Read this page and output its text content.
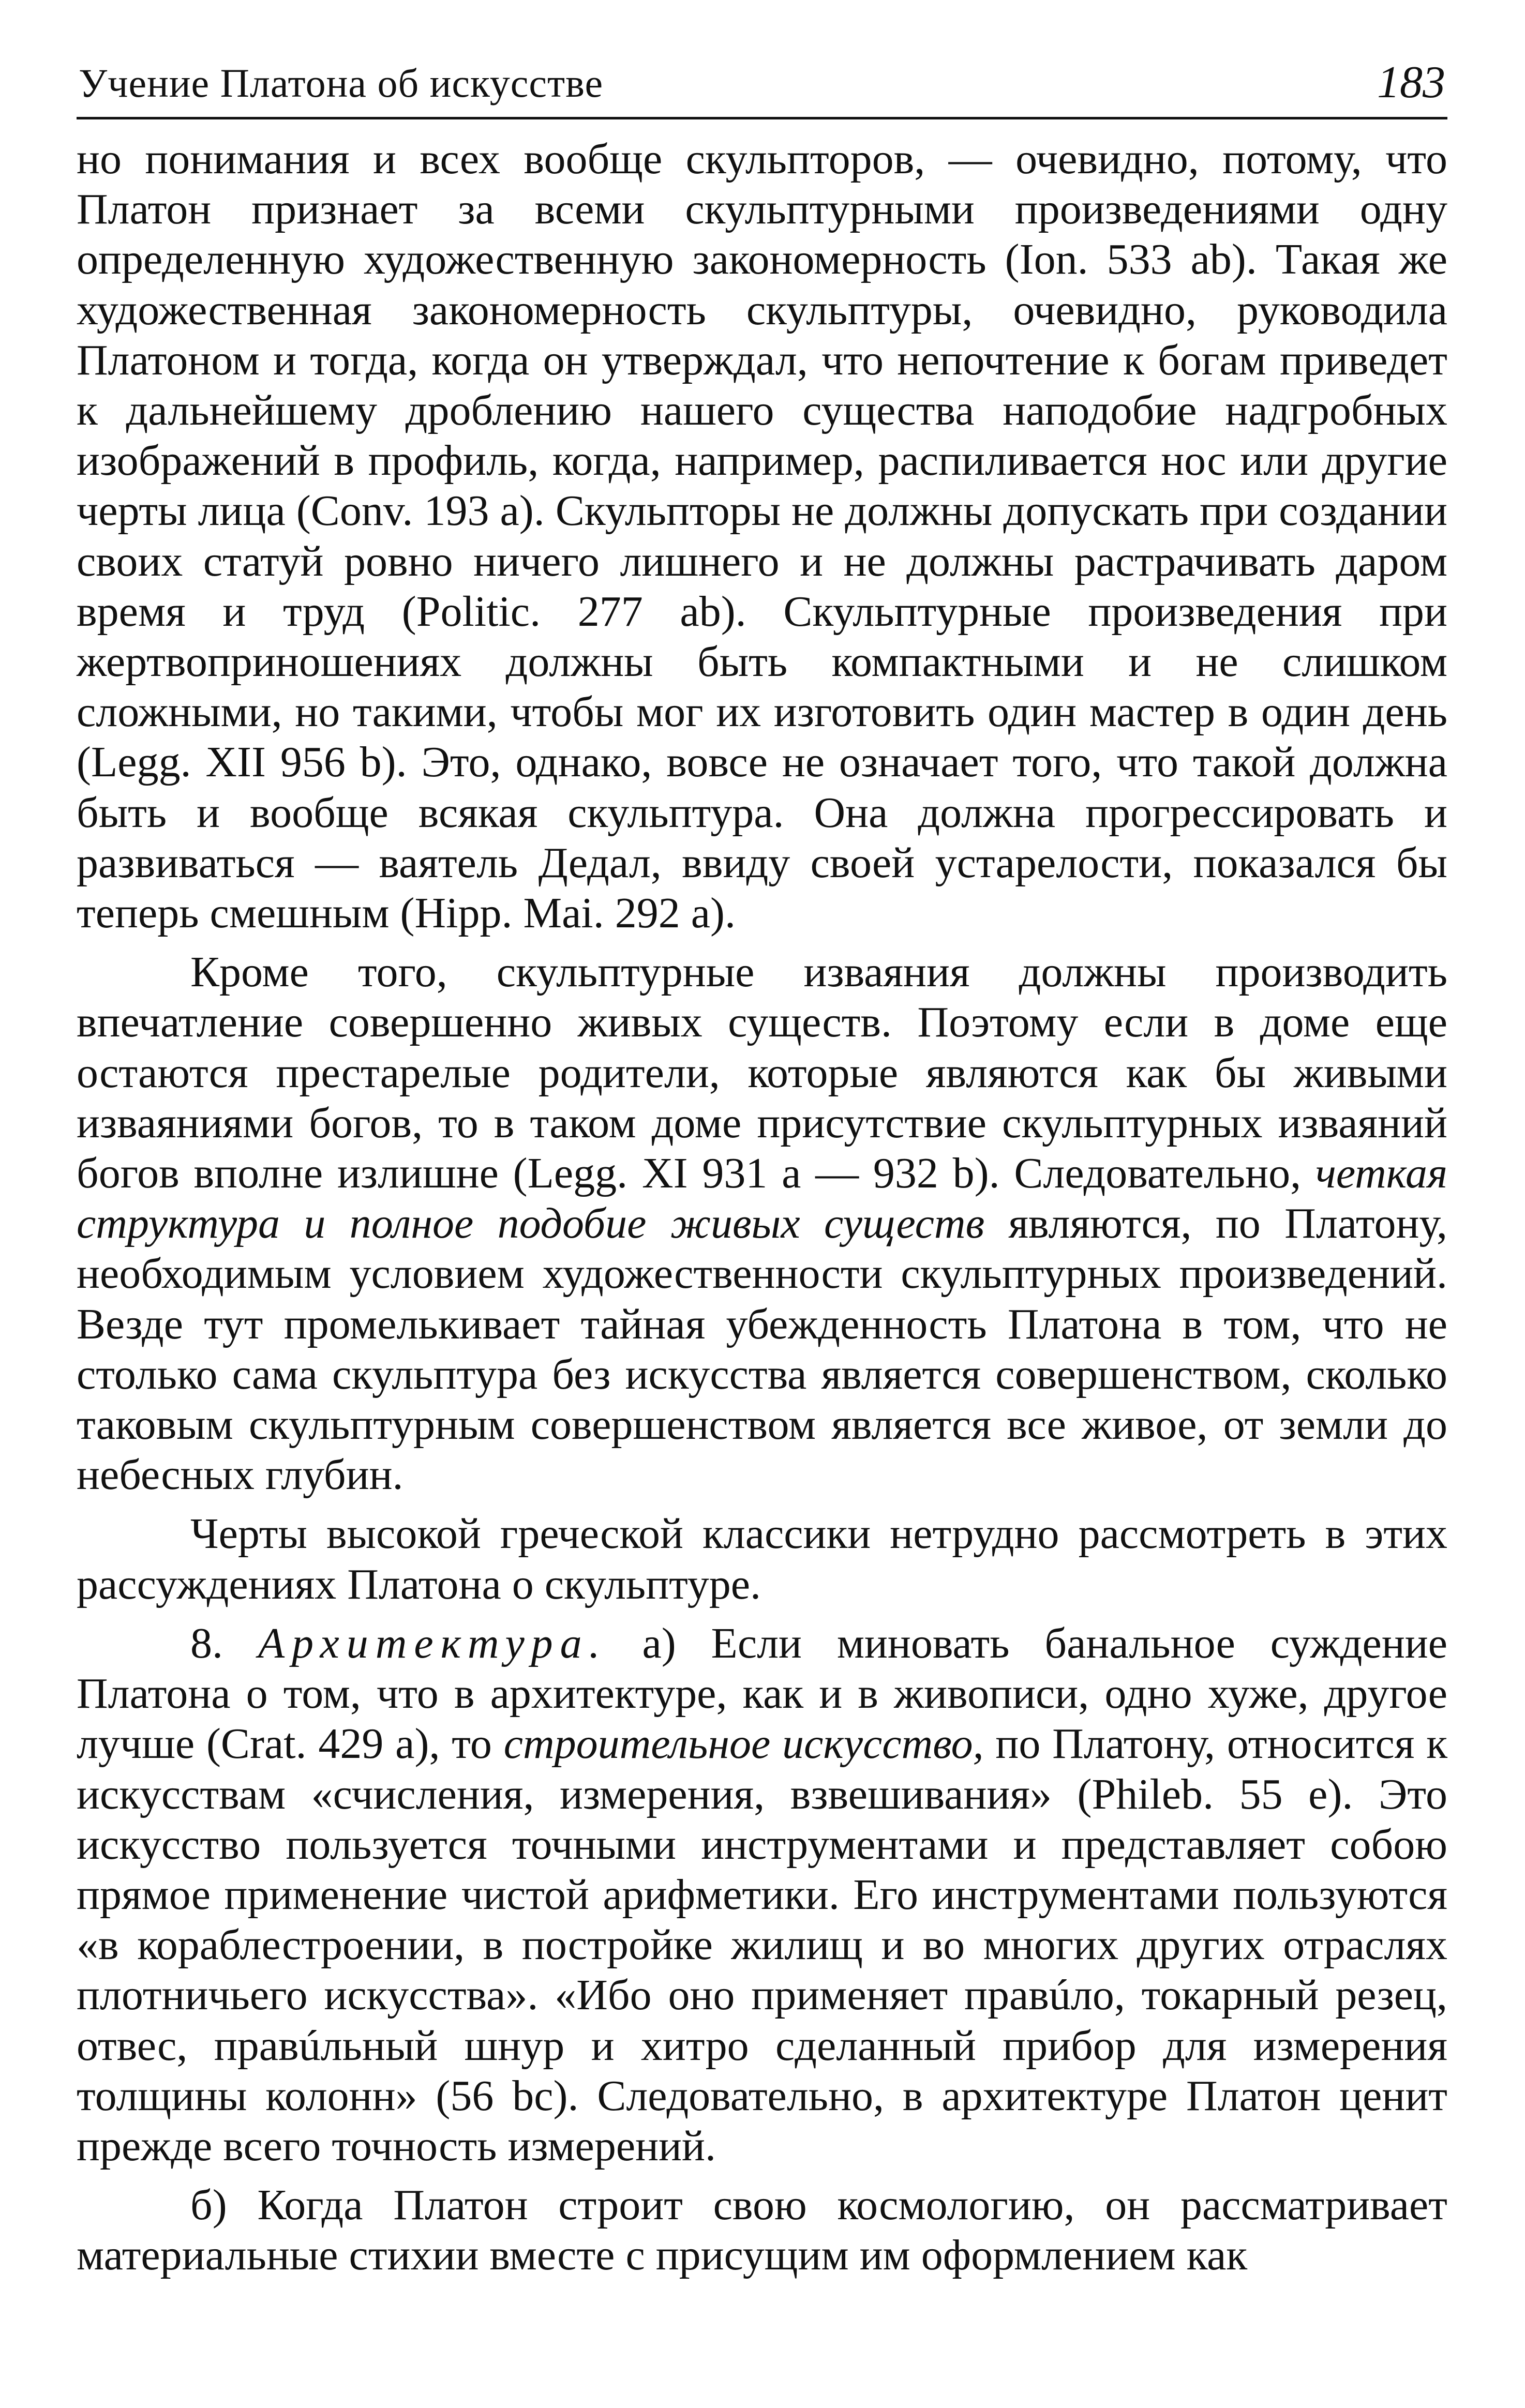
Учение Платона об искусстве	183

но понимания и всех вообще скульпторов, — очевидно, потому, что Платон признает за всеми скульптурными произведениями одну определенную художественную закономерность (Ion. 533 ab). Такая же художественная закономерность скульптуры, очевидно, руководила Платоном и тогда, когда он утверждал, что непочтение к богам приведет к дальнейшему дроблению нашего существа наподобие надгробных изображений в профиль, когда, например, распиливается нос или другие черты лица (Conv. 193 a). Скульпторы не должны допускать при создании своих статуй ровно ничего лишнего и не должны растрачивать даром время и труд (Politic. 277 ab). Скульптурные произведения при жертвоприношениях должны быть компактными и не слишком сложными, но такими, чтобы мог их изготовить один мастер в один день (Legg. XII 956 b). Это, однако, вовсе не означает того, что такой должна быть и вообще всякая скульптура. Она должна прогрессировать и развиваться — ваятель Дедал, ввиду своей устарелости, показался бы теперь смешным (Hipp. Mai. 292 a).

Кроме того, скульптурные изваяния должны производить впечатление совершенно живых существ. Поэтому если в доме еще остаются престарелые родители, которые являются как бы живыми изваяниями богов, то в таком доме присутствие скульптурных изваяний богов вполне излишне (Legg. XI 931 a — 932 b). Следовательно, четкая структура и полное подобие живых существ являются, по Платону, необходимым условием художественности скульптурных произведений. Везде тут промелькивает тайная убежденность Платона в том, что не столько сама скульптура без искусства является совершенством, сколько таковым скульптурным совершенством является все живое, от земли до небесных глубин.

Черты высокой греческой классики нетрудно рассмотреть в этих рассуждениях Платона о скульптуре.

8. Архитектура. а) Если миновать банальное суждение Платона о том, что в архитектуре, как и в живописи, одно хуже, другое лучше (Crat. 429 a), то строительное искусство, по Платону, относится к искусствам «счисления, измерения, взвешивания» (Phileb. 55 e). Это искусство пользуется точными инструментами и представляет собою прямое применение чистой арифметики. Его инструментами пользуются «в кораблестроении, в постройке жилищ и во многих других отраслях плотничьего искусства». «Ибо оно применяет правúло, токарный резец, отвес, правúльный шнур и хитро сделанный прибор для измерения толщины колонн» (56 bc). Следовательно, в архитектуре Платон ценит прежде всего точность измерений.

б) Когда Платон строит свою космологию, он рассматривает материальные стихии вместе с присущим им оформлением как
